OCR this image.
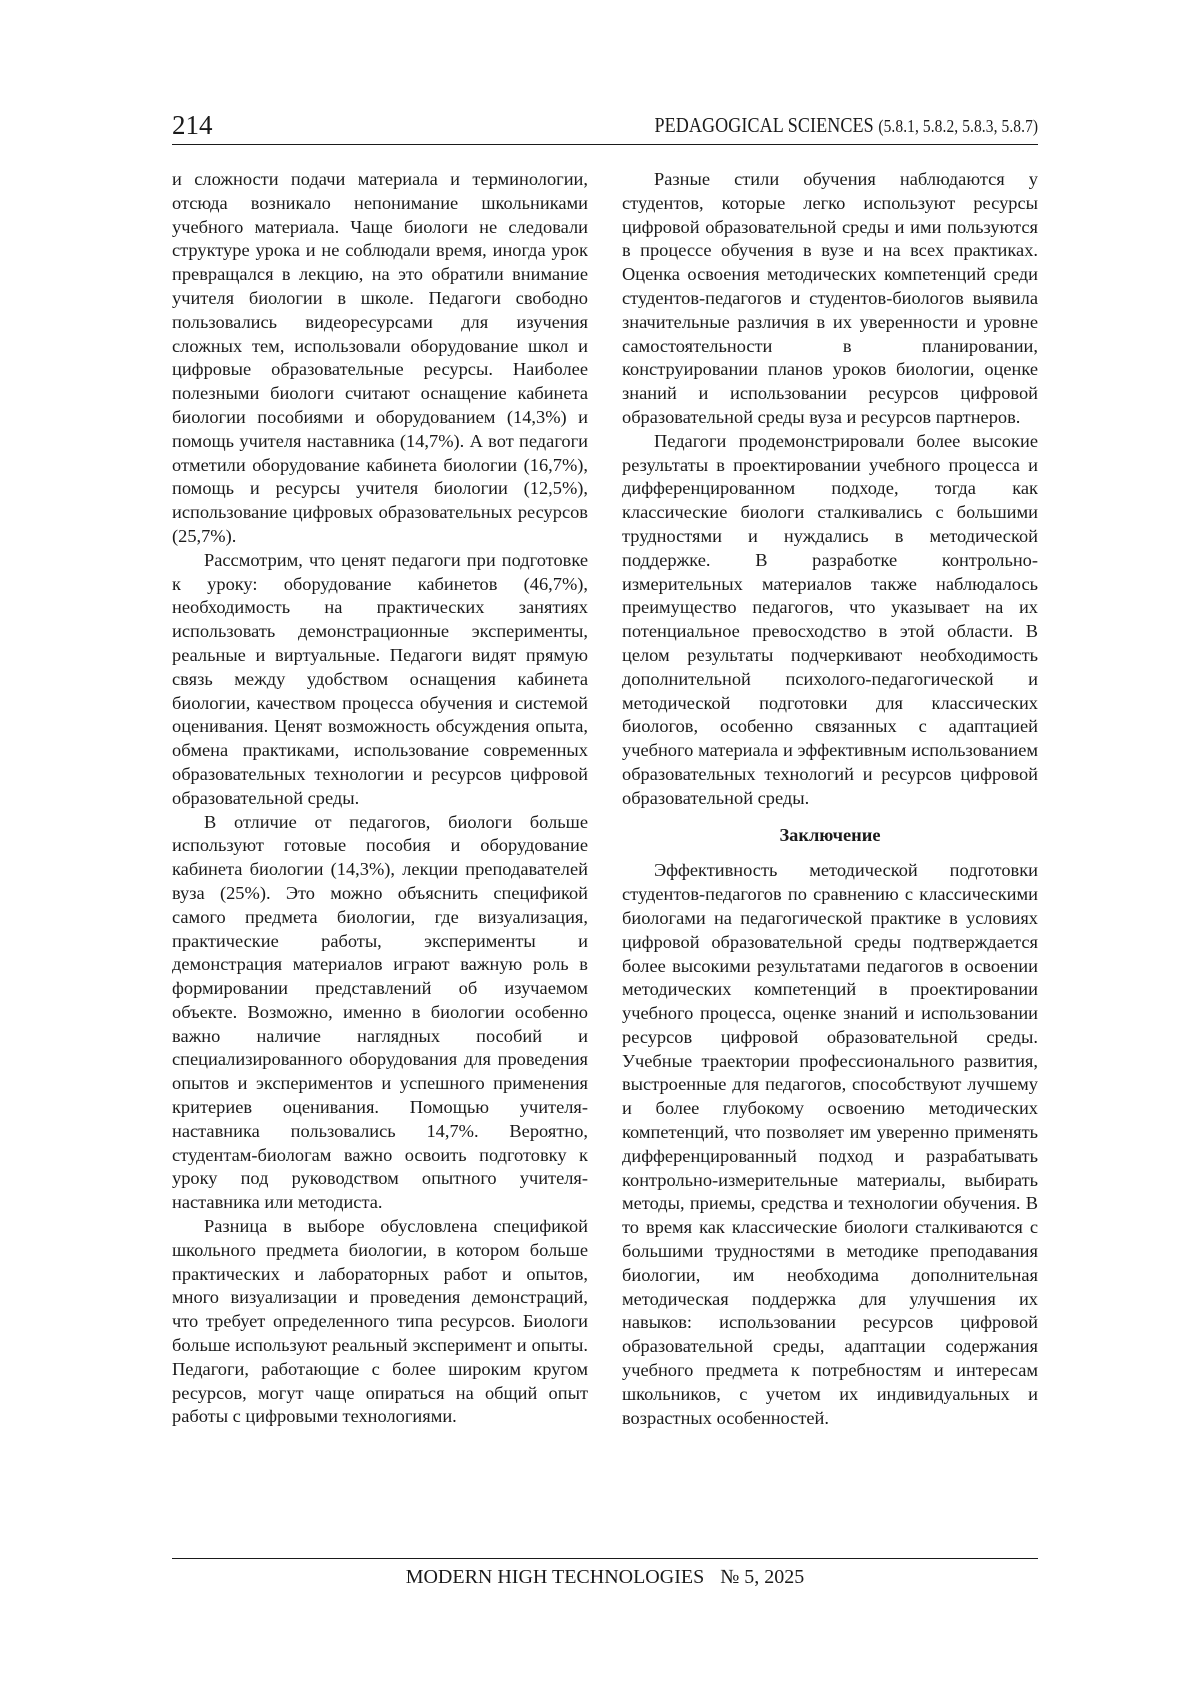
214	PEDAGOGICAL SCIENCES (5.8.1, 5.8.2, 5.8.3, 5.8.7)

и сложности подачи материала и терминологии, отсюда возникало непонимание школьниками учебного материала. Чаще биологи не следовали структуре урока и не соблюдали время, иногда урок превращался в лекцию, на это обратили внимание учителя биологии в школе. Педагоги свободно пользовались видеоресурсами для изучения сложных тем, использовали оборудование школ и цифровые образовательные ресурсы. Наиболее полезными биологи считают оснащение кабинета биологии пособиями и оборудованием (14,3%) и помощь учителя наставника (14,7%). А вот педагоги отметили оборудование кабинета биологии (16,7%), помощь и ресурсы учителя биологии (12,5%), использование цифровых образовательных ресурсов (25,7%).

Рассмотрим, что ценят педагоги при подготовке к уроку: оборудование кабинетов (46,7%), необходимость на практических занятиях использовать демонстрационные эксперименты, реальные и виртуальные. Педагоги видят прямую связь между удобством оснащения кабинета биологии, качеством процесса обучения и системой оценивания. Ценят возможность обсуждения опыта, обмена практиками, использование современных образовательных технологии и ресурсов цифровой образовательной среды.

В отличие от педагогов, биологи больше используют готовые пособия и оборудование кабинета биологии (14,3%), лекции преподавателей вуза (25%). Это можно объяснить спецификой самого предмета биологии, где визуализация, практические работы, эксперименты и демонстрация материалов играют важную роль в формировании представлений об изучаемом объекте. Возможно, именно в биологии особенно важно наличие наглядных пособий и специализированного оборудования для проведения опытов и экспериментов и успешного применения критериев оценивания. Помощью учителя-наставника пользовались 14,7%. Вероятно, студентам-биологам важно освоить подготовку к уроку под руководством опытного учителя-наставника или методиста.

Разница в выборе обусловлена спецификой школьного предмета биологии, в котором больше практических и лабораторных работ и опытов, много визуализации и проведения демонстраций, что требует определенного типа ресурсов. Биологи больше используют реальный эксперимент и опыты. Педагоги, работающие с более широким кругом ресурсов, могут чаще опираться на общий опыт работы с цифровыми технологиями.

Разные стили обучения наблюдаются у студентов, которые легко используют ресурсы цифровой образовательной среды и ими пользуются в процессе обучения в вузе и на всех практиках. Оценка освоения методических компетенций среди студентов-педагогов и студентов-биологов выявила значительные различия в их уверенности и уровне самостоятельности в планировании, конструировании планов уроков биологии, оценке знаний и использовании ресурсов цифровой образовательной среды вуза и ресурсов партнеров.

Педагоги продемонстрировали более высокие результаты в проектировании учебного процесса и дифференцированном подходе, тогда как классические биологи сталкивались с большими трудностями и нуждались в методической поддержке. В разработке контрольно-измерительных материалов также наблюдалось преимущество педагогов, что указывает на их потенциальное превосходство в этой области. В целом результаты подчеркивают необходимость дополнительной психолого-педагогической и методической подготовки для классических биологов, особенно связанных с адаптацией учебного материала и эффективным использованием образовательных технологий и ресурсов цифровой образовательной среды.

Заключение

Эффективность методической подготовки студентов-педагогов по сравнению с классическими биологами на педагогической практике в условиях цифровой образовательной среды подтверждается более высокими результатами педагогов в освоении методических компетенций в проектировании учебного процесса, оценке знаний и использовании ресурсов цифровой образовательной среды. Учебные траектории профессионального развития, выстроенные для педагогов, способствуют лучшему и более глубокому освоению методических компетенций, что позволяет им уверенно применять дифференцированный подход и разрабатывать контрольно-измерительные материалы, выбирать методы, приемы, средства и технологии обучения. В то время как классические биологи сталкиваются с большими трудностями в методике преподавания биологии, им необходима дополнительная методическая поддержка для улучшения их навыков: использовании ресурсов цифровой образовательной среды, адаптации содержания учебного предмета к потребностям и интересам школьников, с учетом их индивидуальных и возрастных особенностей.

MODERN HIGH TECHNOLOGIES № 5, 2025
